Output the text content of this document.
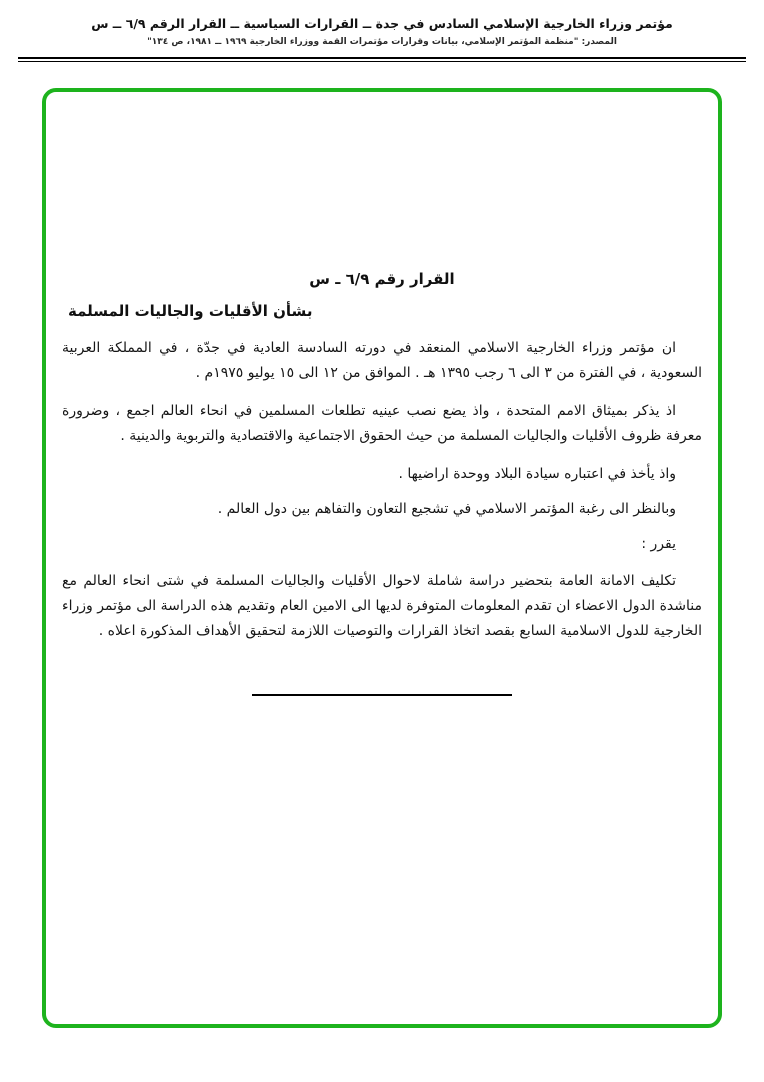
مؤتمر وزراء الخارجية الإسلامي السادس في جدة ــ القرارات السياسية ــ القرار الرقم ٦/٩ ــ س
المصدر: "منظمة المؤتمر الإسلامي، بيانات وقرارات مؤتمرات القمة ووزراء الخارجية ١٩٦٩ ــ ١٩٨١، ص ١٣٤"
القرار رقم ٦/٩ ـ س
بشأن الأقليات والجاليات المسلمة

ان مؤتمر وزراء الخارجية الاسلامي المنعقد في دورته السادسة العادية في جدّة ، في المملكة العربية السعودية ، في الفترة من ٣ الى ٦ رجب ١٣٩٥ هـ . الموافق من ١٢ الى ١٥ يوليو ١٩٧٥م .

اذ يذكر بميثاق الامم المتحدة ، واذ يضع نصب عينيه تطلعات المسلمين في انحاء العالم اجمع ، وضرورة معرفة ظروف الأقليات والجاليات المسلمة من حيث الحقوق الاجتماعية والاقتصادية والتربوية والدينية .

واذ يأخذ في اعتباره سيادة البلاد ووحدة اراضيها .

وبالنظر الى رغبة المؤتمر الاسلامي في تشجيع التعاون والتفاهم بين دول العالم .

يقرر :

تكليف الامانة العامة بتحضير دراسة شاملة لاحوال الأقليات والجاليات المسلمة في شتى انحاء العالم مع مناشدة الدول الاعضاء ان تقدم المعلومات المتوفرة لديها الى الامين العام وتقديم هذه الدراسة الى مؤتمر وزراء الخارجية للدول الاسلامية السابع بقصد اتخاذ القرارات والتوصيات اللازمة لتحقيق الأهداف المذكورة اعلاه .
